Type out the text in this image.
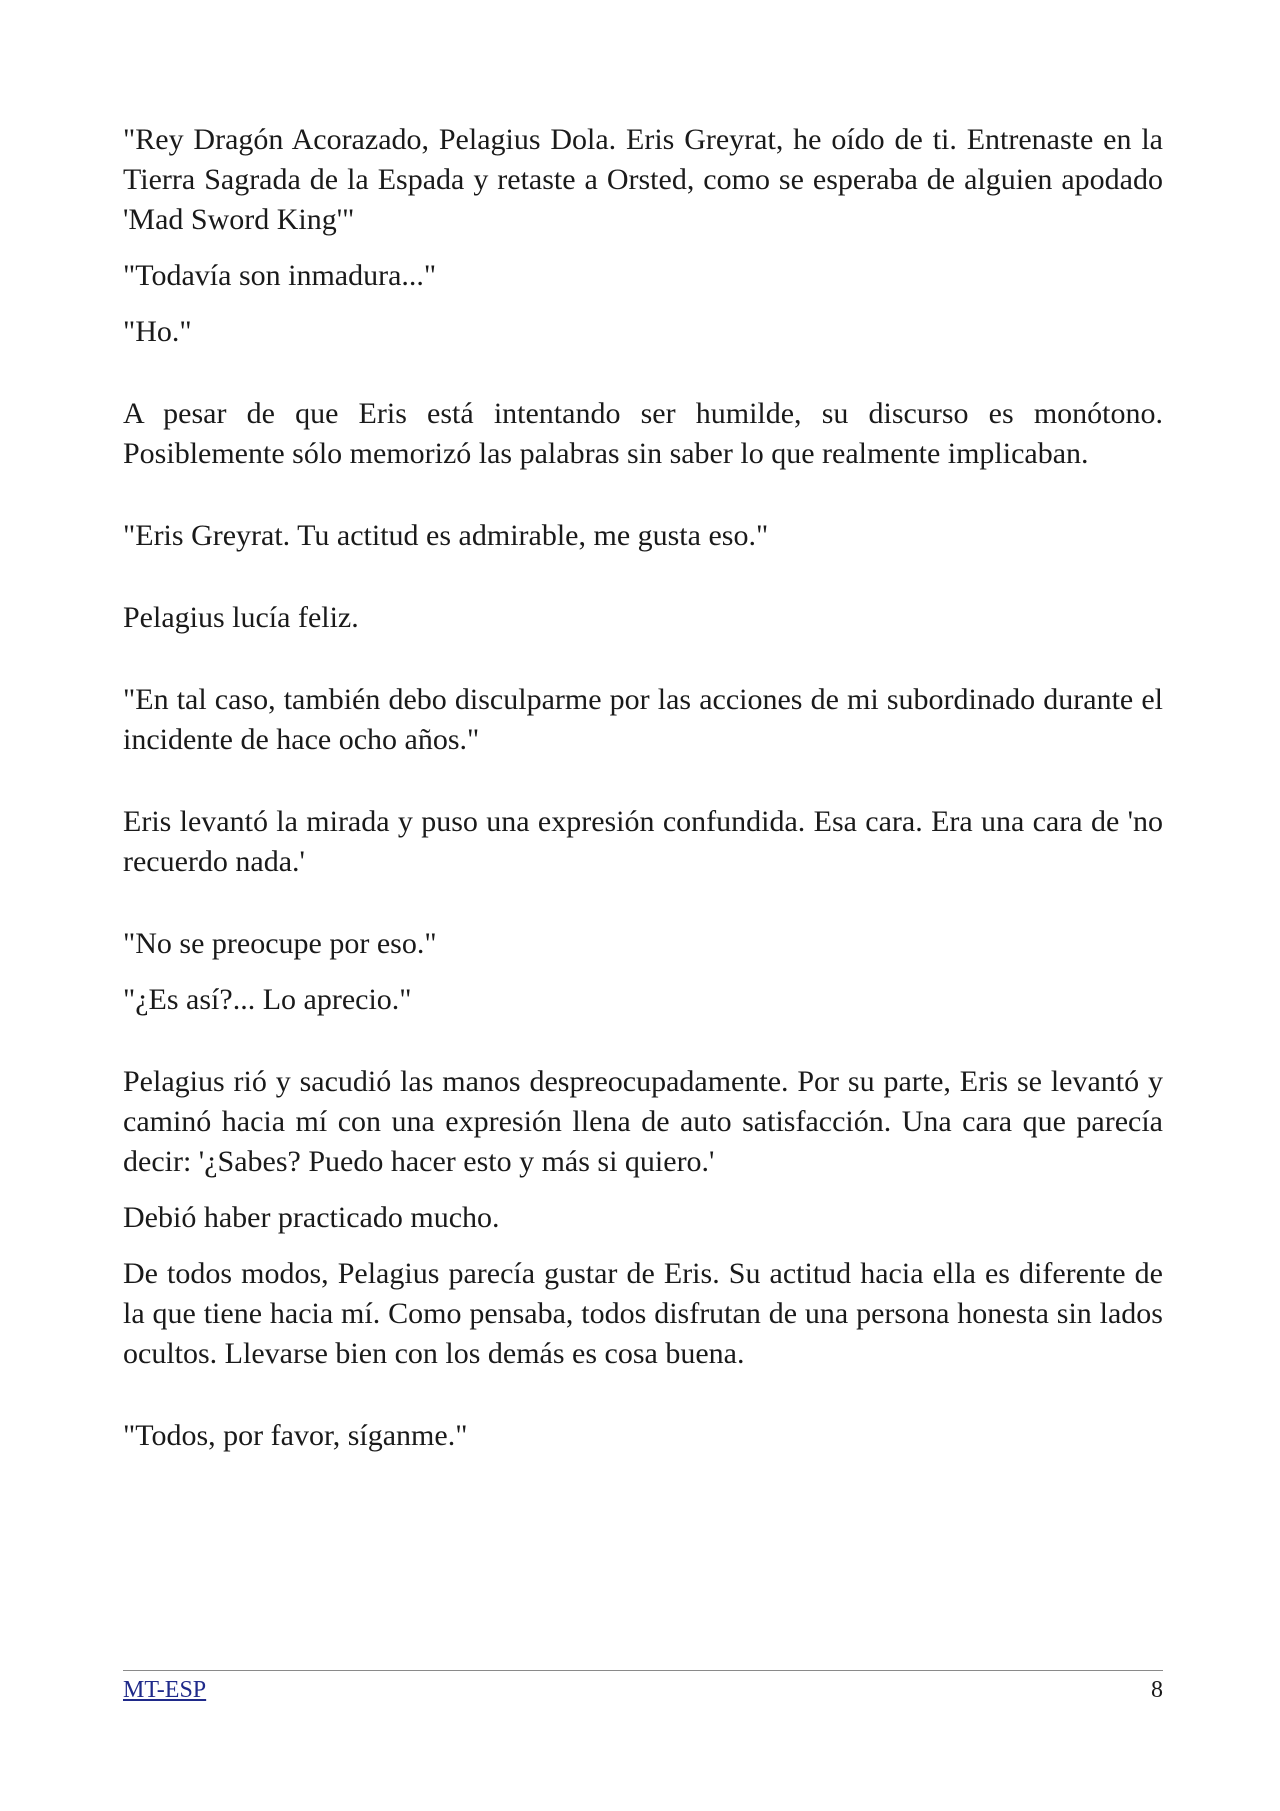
"Rey Dragón Acorazado, Pelagius Dola. Eris Greyrat, he oído de ti. Entrenaste en la Tierra Sagrada de la Espada y retaste a Orsted, como se esperaba de alguien apodado 'Mad Sword King'"

"Todavía son inmadura..."

"Ho."

A pesar de que Eris está intentando ser humilde, su discurso es monótono. Posiblemente sólo memorizó las palabras sin saber lo que realmente implicaban.

"Eris Greyrat. Tu actitud es admirable, me gusta eso."

Pelagius lucía feliz.

"En tal caso, también debo disculparme por las acciones de mi subordinado durante el incidente de hace ocho años."

Eris levantó la mirada y puso una expresión confundida. Esa cara. Era una cara de 'no recuerdo nada.'

"No se preocupe por eso."

"¿Es así?... Lo aprecio."

Pelagius rió y sacudió las manos despreocupadamente. Por su parte, Eris se levantó y caminó hacia mí con una expresión llena de auto satisfacción. Una cara que parecía decir: '¿Sabes? Puedo hacer esto y más si quiero.'

Debió haber practicado mucho.

De todos modos, Pelagius parecía gustar de Eris. Su actitud hacia ella es diferente de la que tiene hacia mí. Como pensaba, todos disfrutan de una persona honesta sin lados ocultos. Llevarse bien con los demás es cosa buena.

"Todos, por favor, síganme."

MT-ESP	8
